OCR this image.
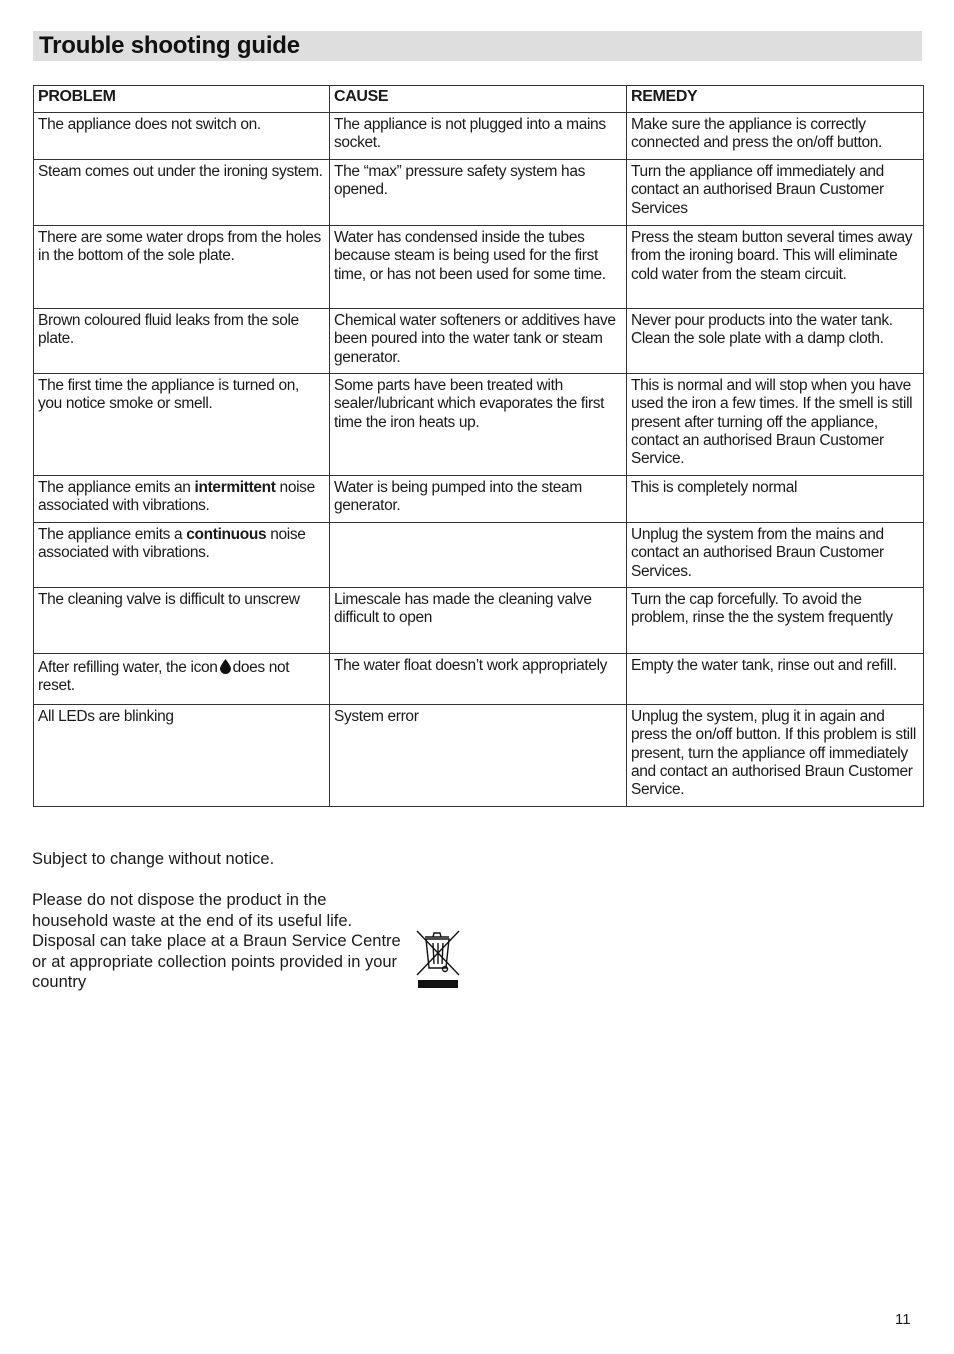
Trouble shooting guide
PROBLEM	CAUSE	REMEDY
The appliance does not switch on.	The appliance is not plugged into a mains socket.	Make sure the appliance is correctly connected and press the on/off button.
Steam comes out under the ironing system.	The “max” pressure safety system has opened.	Turn the appliance off immediately and contact an authorised Braun Customer Services
There are some water drops from the holes in the bottom of the sole plate.	Water has condensed inside the tubes because steam is being used for the first time, or has not been used for some time.	Press the steam button several times away from the ironing board. This will eliminate cold water from the steam circuit.
Brown coloured fluid leaks from the sole plate.	Chemical water softeners or additives have been poured into the water tank or steam generator.	Never pour products into the water tank. Clean the sole plate with a damp cloth.
The first time the appliance is turned on, you notice smoke or smell.	Some parts have been treated with sealer/lubricant which evaporates the first time the iron heats up.	This is normal and will stop when you have used the iron a few times. If the smell is still present after turning off the appliance, contact an authorised Braun Customer Service.
The appliance emits an intermittent noise associated with vibrations.	Water is being pumped into the steam generator.	This is completely normal
The appliance emits a continuous noise associated with vibrations.		Unplug the system from the mains and contact an authorised Braun Customer Services.
The cleaning valve is difficult to unscrew	Limescale has made the cleaning valve difficult to open	Turn the cap forcefully. To avoid the problem, rinse the the system frequently
After refilling water, the icon does not reset.	The water float doesn’t work appropriately	Empty the water tank, rinse out and refill.
All LEDs are blinking	System error	Unplug the system, plug it in again and press the on/off button. If this problem is still present, turn the appliance off immediately and contact an authorised Braun Customer Service.
Subject to change without notice.
Please do not dispose the product in the household waste at the end of its useful life. Disposal can take place at a Braun Service Centre or at appropriate collection points provided in your country
11
